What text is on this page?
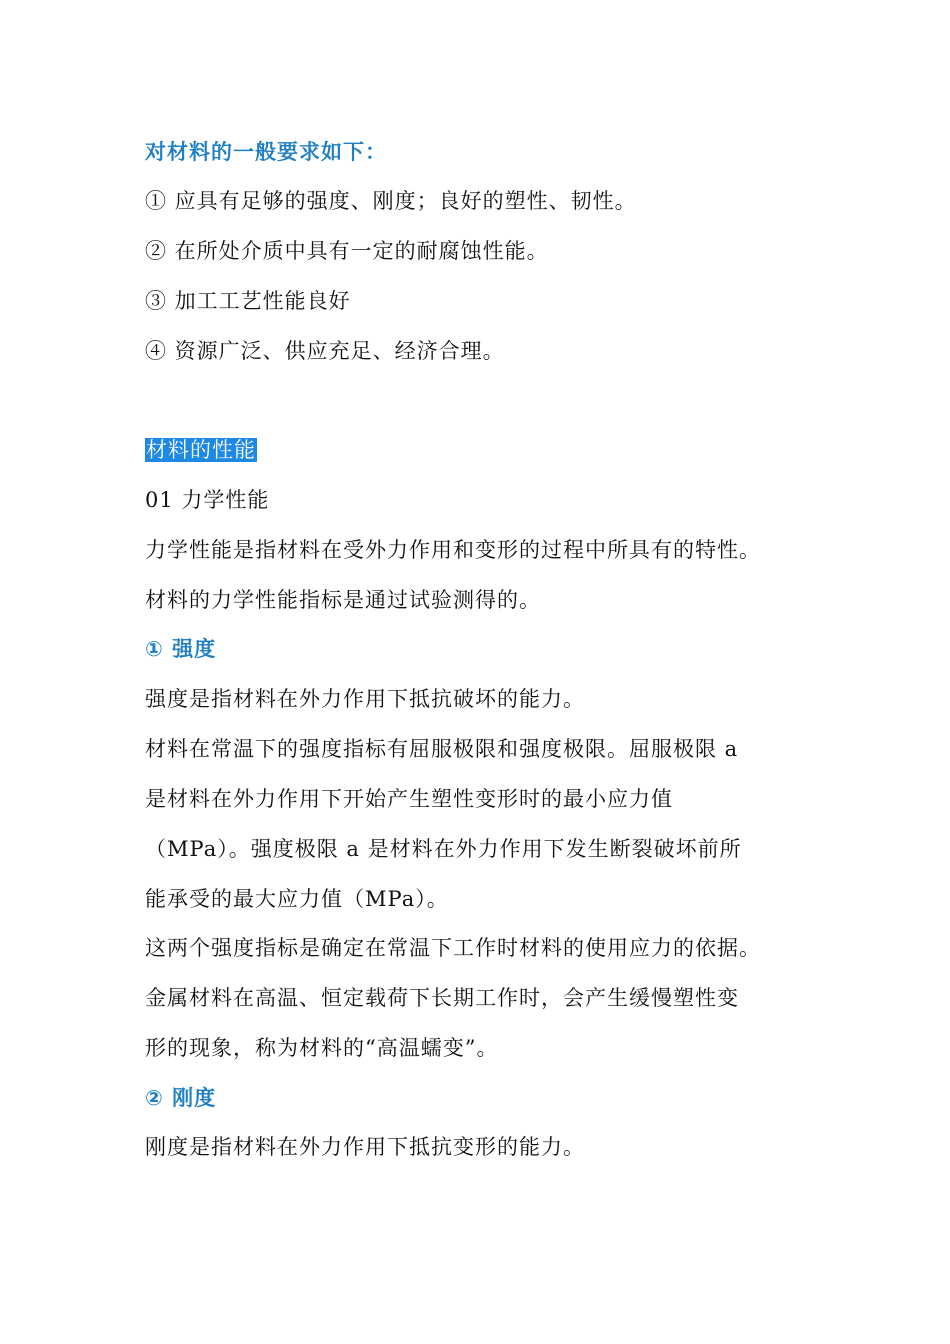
对材料的一般要求如下：
① 应具有足够的强度、刚度；良好的塑性、韧性。
② 在所处介质中具有一定的耐腐蚀性能。
③ 加工工艺性能良好
④ 资源广泛、供应充足、经济合理。
材料的性能
01 力学性能
力学性能是指材料在受外力作用和变形的过程中所具有的特性。
材料的力学性能指标是通过试验测得的。
① 强度
强度是指材料在外力作用下抵抗破坏的能力。
材料在常温下的强度指标有屈服极限和强度极限。屈服极限 a
是材料在外力作用下开始产生塑性变形时的最小应力值
（MPa）。强度极限 a 是材料在外力作用下发生断裂破坏前所
能承受的最大应力值（MPa）。
这两个强度指标是确定在常温下工作时材料的使用应力的依据。
金属材料在高温、恒定载荷下长期工作时，会产生缓慢塑性变
形的现象，称为材料的“高温蠕变”。
② 刚度
刚度是指材料在外力作用下抵抗变形的能力。
